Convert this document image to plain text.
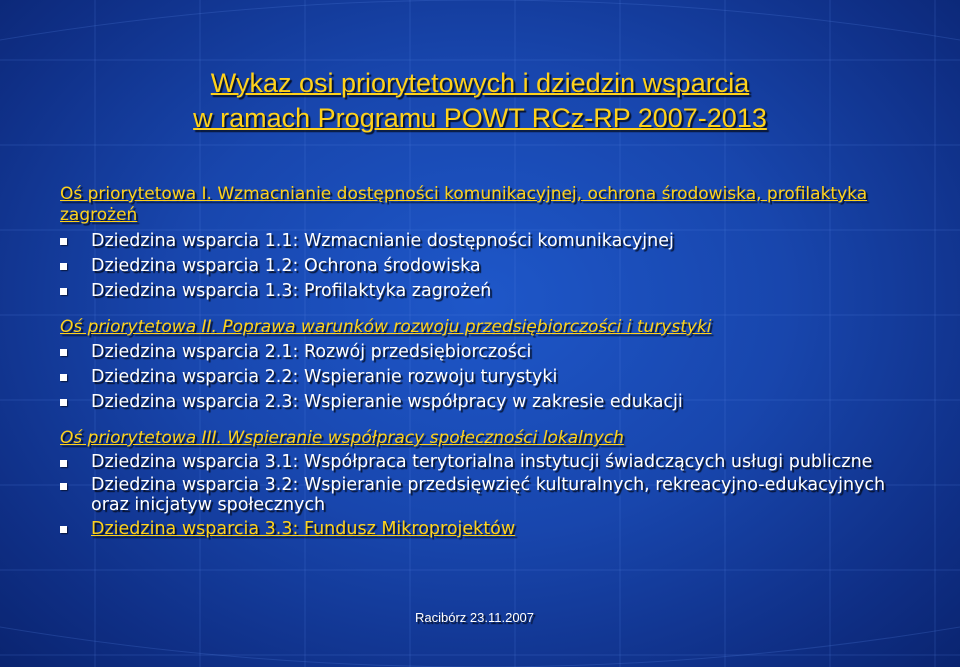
Wykaz osi priorytetowych i dziedzin wsparcia
w ramach Programu POWT RCz-RP 2007-2013
Oś priorytetowa I. Wzmacnianie dostępności komunikacyjnej, ochrona środowiska, profilaktyka zagrożeń
Dziedzina wsparcia 1.1: Wzmacnianie dostępności komunikacyjnej
Dziedzina wsparcia 1.2: Ochrona środowiska
Dziedzina wsparcia 1.3: Profilaktyka zagrożeń
Oś priorytetowa II. Poprawa warunków rozwoju przedsiębiorczości i turystyki
Dziedzina wsparcia 2.1: Rozwój przedsiębiorczości
Dziedzina wsparcia 2.2: Wspieranie rozwoju turystyki
Dziedzina wsparcia 2.3: Wspieranie współpracy w zakresie edukacji
Oś priorytetowa III. Wspieranie współpracy społeczności lokalnych
Dziedzina wsparcia 3.1: Współpraca terytorialna instytucji świadczących usługi publiczne
Dziedzina wsparcia 3.2: Wspieranie przedsięwzięć kulturalnych, rekreacyjno-edukacyjnych oraz inicjatyw społecznych
Dziedzina wsparcia 3.3: Fundusz Mikroprojektów
Racibórz 23.11.2007
